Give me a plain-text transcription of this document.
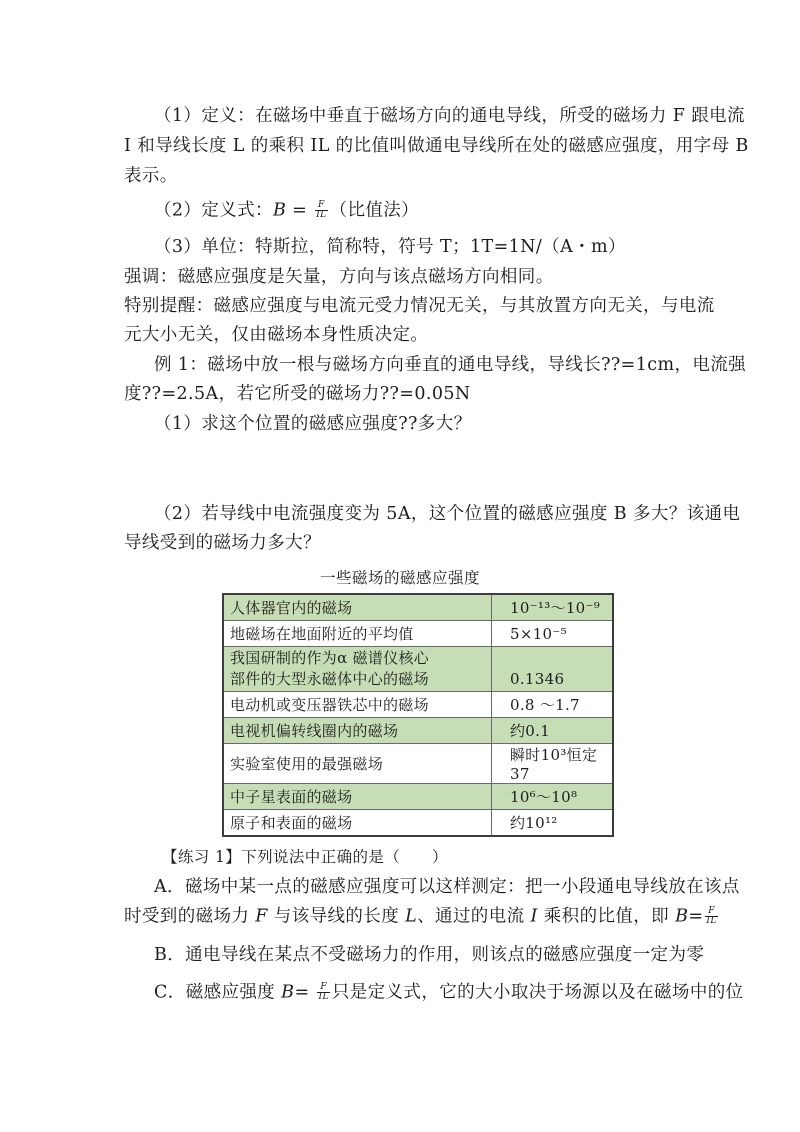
（1）定义：在磁场中垂直于磁场方向的通电导线，所受的磁场力 F 跟电流
I 和导线长度 L 的乘积 IL 的比值叫做通电导线所在处的磁感应强度，用字母 B
表示。
（2）定义式：$B = \frac{F}{IL}$ （比值法）
（3）单位：特斯拉，简称特，符号 T；1T=1N/（A・m）
强调：磁感应强度是矢量，方向与该点磁场方向相同。
特别提醒：磁感应强度与电流元受力情况无关，与其放置方向无关，与电流
元大小无关，仅由磁场本身性质决定。
例 1：磁场中放一根与磁场方向垂直的通电导线，导线长??=1cm，电流强
度??=2.5A，若它所受的磁场力??=0.05N
（1）求这个位置的磁感应强度??多大？
（2）若导线中电流强度变为 5A，这个位置的磁感应强度 B 多大？该通电
导线受到的磁场力多大？
一些磁场的磁感应强度
人体器官内的磁场	10⁻¹³～10⁻⁹
地磁场在地面附近的平均值	5×10⁻⁵
我国研制的作为α 磁谱仪核心
部件的大型永磁体中心的磁场	0.1346
电动机或变压器铁芯中的磁场	0.8 ～1.7
电视机偏转线圈内的磁场	约0.1
实验室使用的最强磁场	瞬时10³恒定37
中子星表面的磁场	10⁶～10⁸
原子和表面的磁场	约10¹²
【练习 1】下列说法中正确的是（　　）
A．磁场中某一点的磁感应强度可以这样测定：把一小段通电导线放在该点
时受到的磁场力 F 与该导线的长度 L、通过的电流 I 乘积的比值，即 $B= \frac{F}{IL}$
B．通电导线在某点不受磁场力的作用，则该点的磁感应强度一定为零
C．磁感应强度 $B= \frac{F}{IL}$ 只是定义式，它的大小取决于场源以及在磁场中的位
